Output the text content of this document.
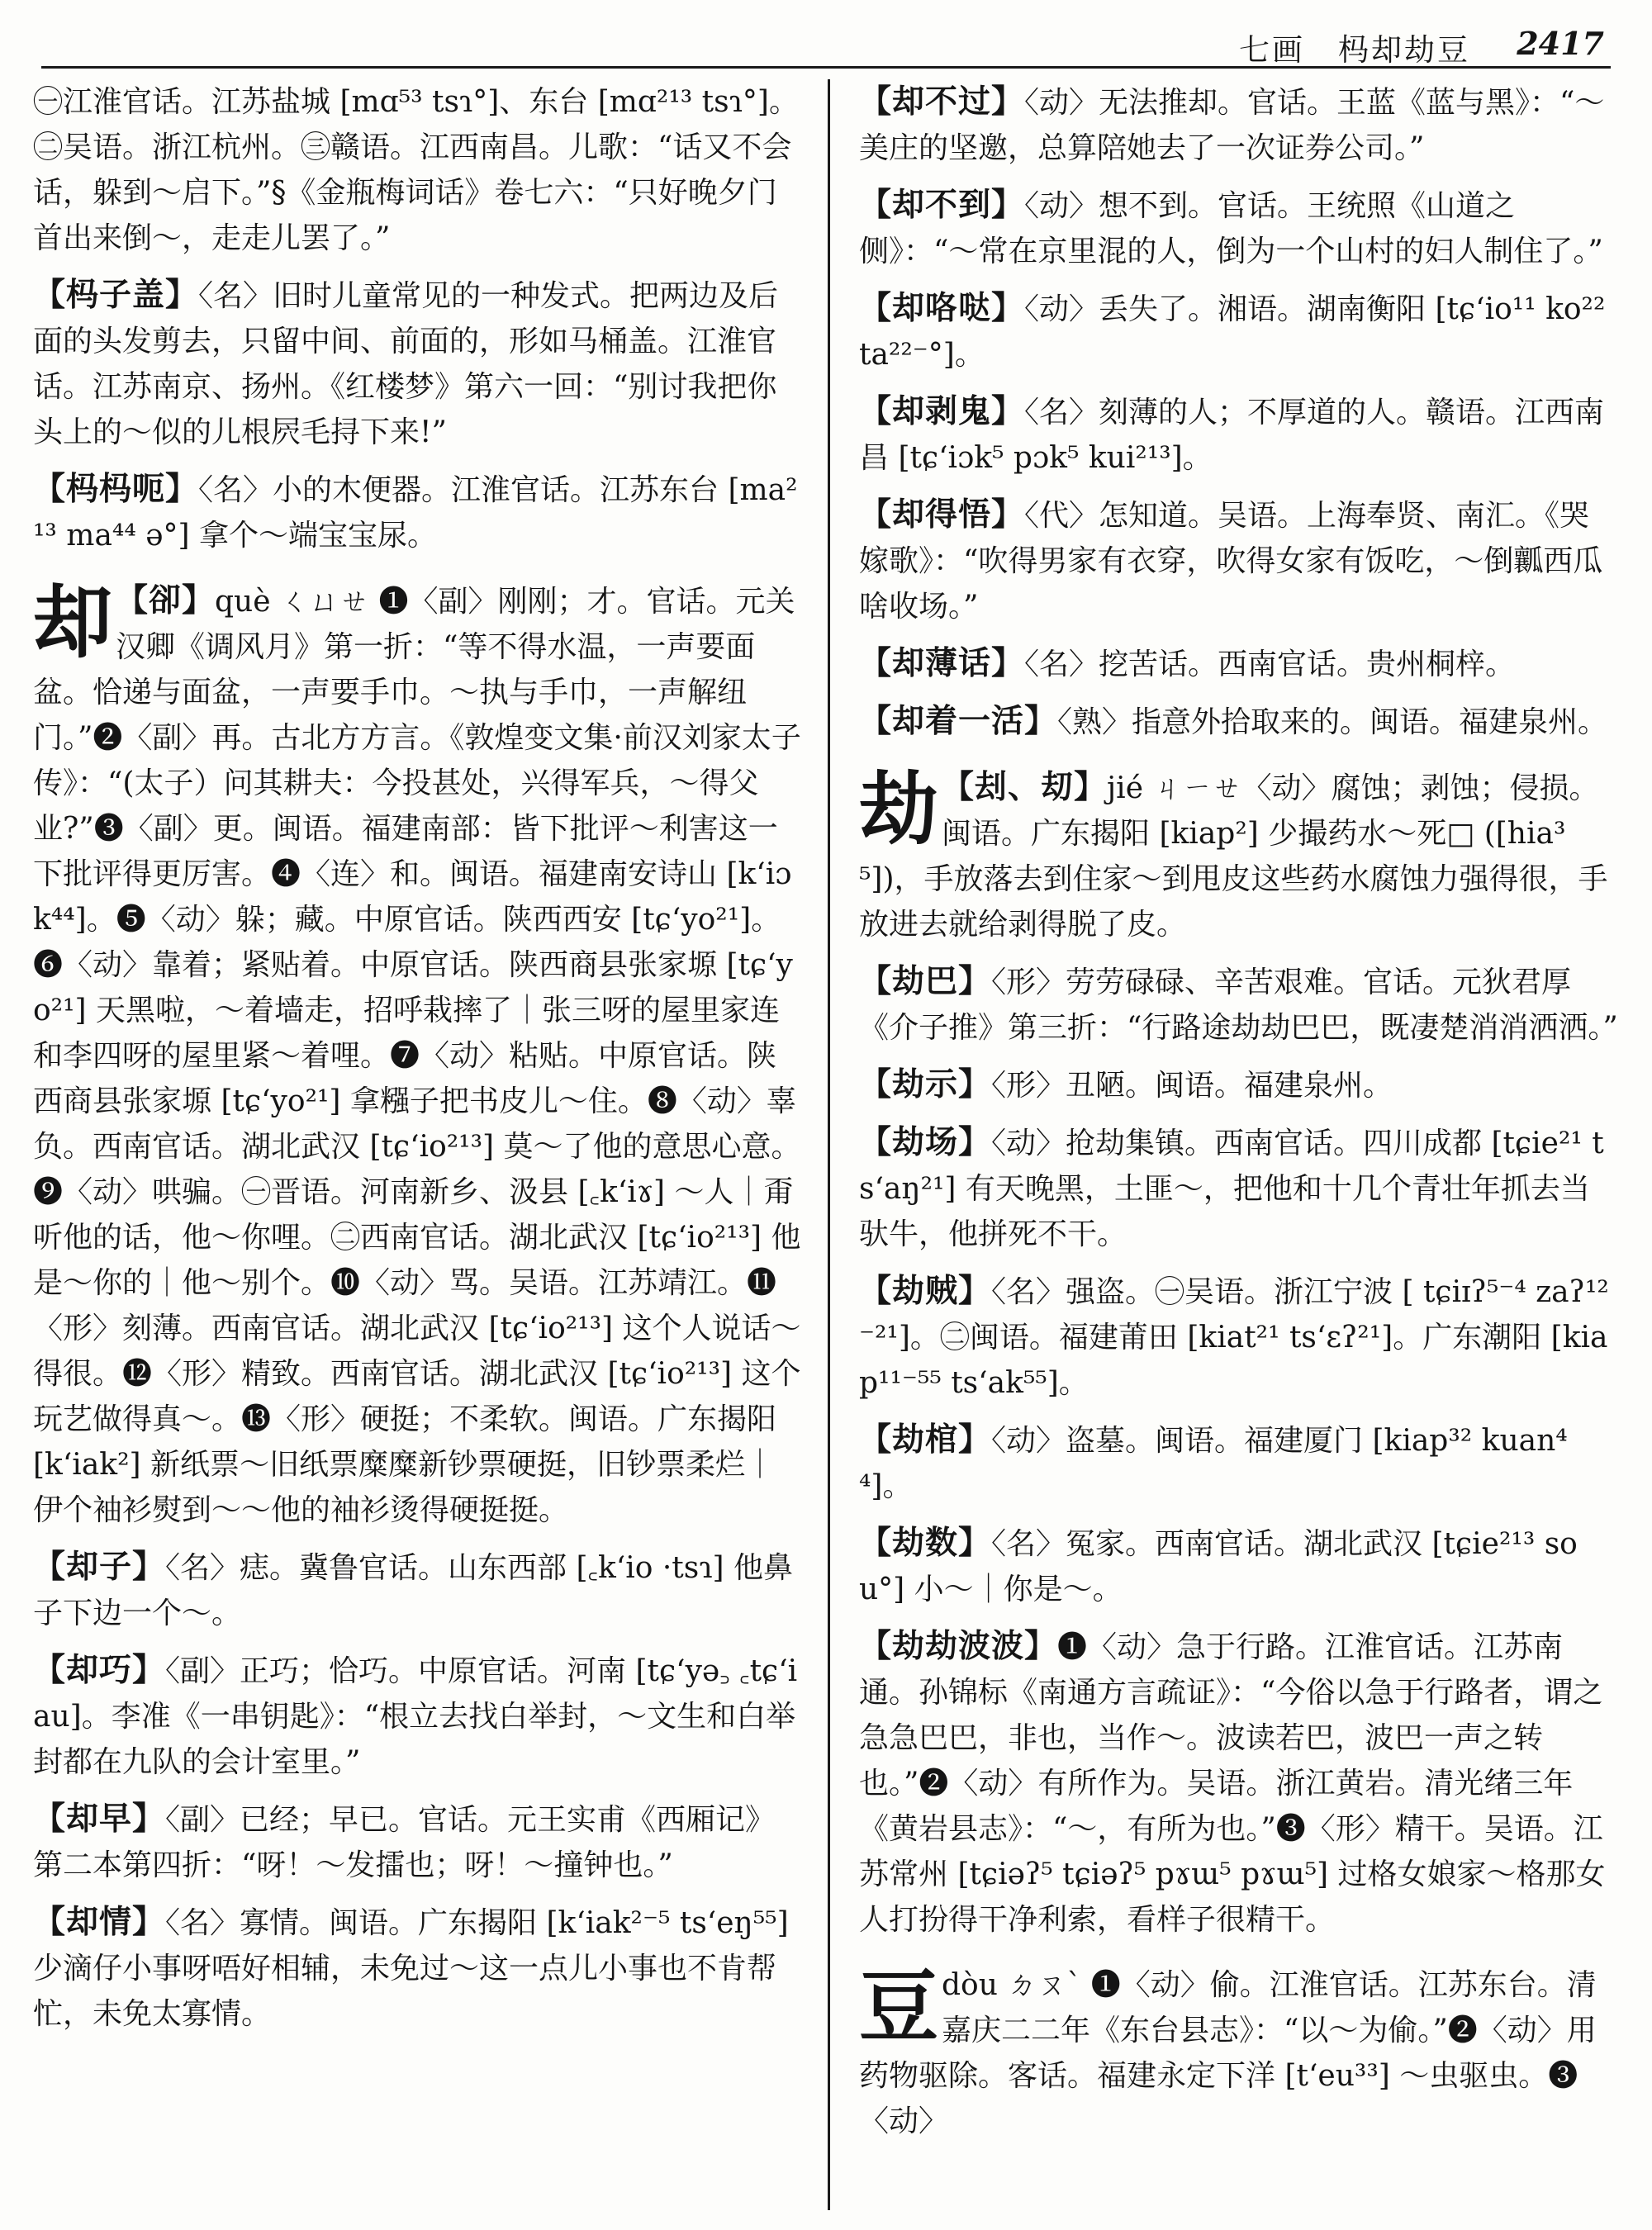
七画　杩却劫豆 2417

㊀江淮官话。江苏盐城 [mɑ⁵³ tsɿ°]、东台 [mɑ²¹³ tsɿ°]。㊁吴语。浙江杭州。㊂赣语。江西南昌。儿歌：“话又不会话，躲到～启下。”§《金瓶梅词话》卷七六：“只好晚夕门首出来倒～，走走儿罢了。”

【杩子盖】〈名〉旧时儿童常见的一种发式。把两边及后面的头发剪去，只留中间、前面的，形如马桶盖。江淮官话。江苏南京、扬州。《红楼梦》第六一回：“别讨我把你头上的～似的儿根屄毛挦下来!”

【杩杩呃】〈名〉小的木便器。江淮官话。江苏东台 [ma²¹³ ma⁴⁴ ə°] 拿个～端宝宝尿。

却 【卻】què ㄑㄩㄝ ❶〈副〉刚刚；才。官话。元关汉卿《调风月》第一折：“等不得水温，一声要面盆。恰递与面盆，一声要手巾。～执与手巾，一声解纽门。”❷〈副〉再。古北方方言。《敦煌变文集·前汉刘家太子传》：“(太子）问其耕夫：今投甚处，兴得军兵，～得父业?”❸〈副〉更。闽语。福建南部：皆下批评～利害这一下批评得更厉害。❹〈连〉和。闽语。福建南安诗山 [k‘iɔk⁴⁴]。❺〈动〉躲；藏。中原官话。陕西西安 [tɕ‘yo²¹]。❻〈动〉靠着；紧贴着。中原官话。陕西商县张家塬 [tɕ‘yo²¹] 天黑啦，～着墙走，招呼栽摔了｜张三呀的屋里家连和李四呀的屋里紧～着哩。❼〈动〉粘贴。中原官话。陕西商县张家塬 [tɕ‘yo²¹] 拿糨子把书皮儿～住。❽〈动〉辜负。西南官话。湖北武汉 [tɕ‘io²¹³] 莫～了他的意思心意。❾〈动〉哄骗。㊀晋语。河南新乡、汲县 [꜀k‘iɤ] ～人｜甭听他的话，他～你哩。㊁西南官话。湖北武汉 [tɕ‘io²¹³] 他是～你的｜他～别个。❿〈动〉骂。吴语。江苏靖江。⓫〈形〉刻薄。西南官话。湖北武汉 [tɕ‘io²¹³] 这个人说话～得很。⓬〈形〉精致。西南官话。湖北武汉 [tɕ‘io²¹³] 这个玩艺做得真～。⓭〈形〉硬挺；不柔软。闽语。广东揭阳 [k‘iak²] 新纸票～旧纸票糜糜新钞票硬挺，旧钞票柔烂｜伊个袖衫熨到～～他的袖衫烫得硬挺挺。

【却子】〈名〉痣。冀鲁官话。山东西部 [꜀k‘io ·tsɿ] 他鼻子下边一个～。

【却巧】〈副〉正巧；恰巧。中原官话。河南 [tɕ‘yə꜆ ꜀tɕ‘iau]。李准《一串钥匙》：“根立去找白举封，～文生和白举封都在九队的会计室里。”

【却早】〈副〉已经；早已。官话。元王实甫《西厢记》第二本第四折：“呀！～发擂也；呀！～撞钟也。”

【却情】〈名〉寡情。闽语。广东揭阳 [k‘iak²⁻⁵ ts‘eŋ⁵⁵] 少滴仔小事呀唔好相辅，未免过～这一点儿小事也不肯帮忙，未免太寡情。

【却不过】〈动〉无法推却。官话。王蓝《蓝与黑》：“～美庄的坚邀，总算陪她去了一次证券公司。”

【却不到】〈动〉想不到。官话。王统照《山道之侧》：“～常在京里混的人，倒为一个山村的妇人制住了。”

【却咯哒】〈动〉丢失了。湘语。湖南衡阳 [tɕ‘io¹¹ ko²² ta²²⁻°]。

【却剥鬼】〈名〉刻薄的人；不厚道的人。赣语。江西南昌 [tɕ‘iɔk⁵ pɔk⁵ kui²¹³]。

【却得悟】〈代〉怎知道。吴语。上海奉贤、南汇。《哭嫁歌》：“吹得男家有衣穿，吹得女家有饭吃，～倒瓤西瓜啥收场。”

【却薄话】〈名〉挖苦话。西南官话。贵州桐梓。

【却着一活】〈熟〉指意外拾取来的。闽语。福建泉州。

劫 【刦、刧】jié ㄐㄧㄝ〈动〉腐蚀；剥蚀；侵损。闽语。广东揭阳 [kiap²] 少撮药水～死□ ([hia³⁵])，手放落去到住家～到甩皮这些药水腐蚀力强得很，手放进去就给剥得脱了皮。

【劫巴】〈形〉劳劳碌碌、辛苦艰难。官话。元狄君厚《介子推》第三折：“行路途劫劫巴巴，既凄楚消消洒洒。”

【劫示】〈形〉丑陋。闽语。福建泉州。

【劫场】〈动〉抢劫集镇。西南官话。四川成都 [tɕie²¹ ts‘aŋ²¹] 有天晚黑，土匪～，把他和十几个青壮年抓去当驮牛，他拼死不干。

【劫贼】〈名〉强盗。㊀吴语。浙江宁波 [ tɕiɪʔ⁵⁻⁴ zaʔ¹²⁻²¹]。㊁闽语。福建莆田 [kiat²¹ ts‘ɛʔ²¹]。广东潮阳 [kiap¹¹⁻⁵⁵ ts‘ak⁵⁵]。

【劫棺】〈动〉盗墓。闽语。福建厦门 [kiap³² kuan⁴⁴]。

【劫数】〈名〉冤家。西南官话。湖北武汉 [tɕie²¹³ sou°] 小～｜你是～。

【劫劫波波】❶〈动〉急于行路。江淮官话。江苏南通。孙锦标《南通方言疏证》：“今俗以急于行路者，谓之急急巴巴，非也，当作～。波读若巴，波巴一声之转也。”❷〈动〉有所作为。吴语。浙江黄岩。清光绪三年《黄岩县志》：“～，有所为也。”❸〈形〉精干。吴语。江苏常州 [tɕiəʔ⁵ tɕiəʔ⁵ pɤɯ⁵ pɤɯ⁵] 过格女娘家～格那女人打扮得干净利索，看样子很精干。

豆dòu ㄉㄡˋ ❶〈动〉偷。江淮官话。江苏东台。清嘉庆二二年《东台县志》：“以～为偷。”❷〈动〉用药物驱除。客话。福建永定下洋 [t‘eu³³] ～虫驱虫。❸〈动〉
